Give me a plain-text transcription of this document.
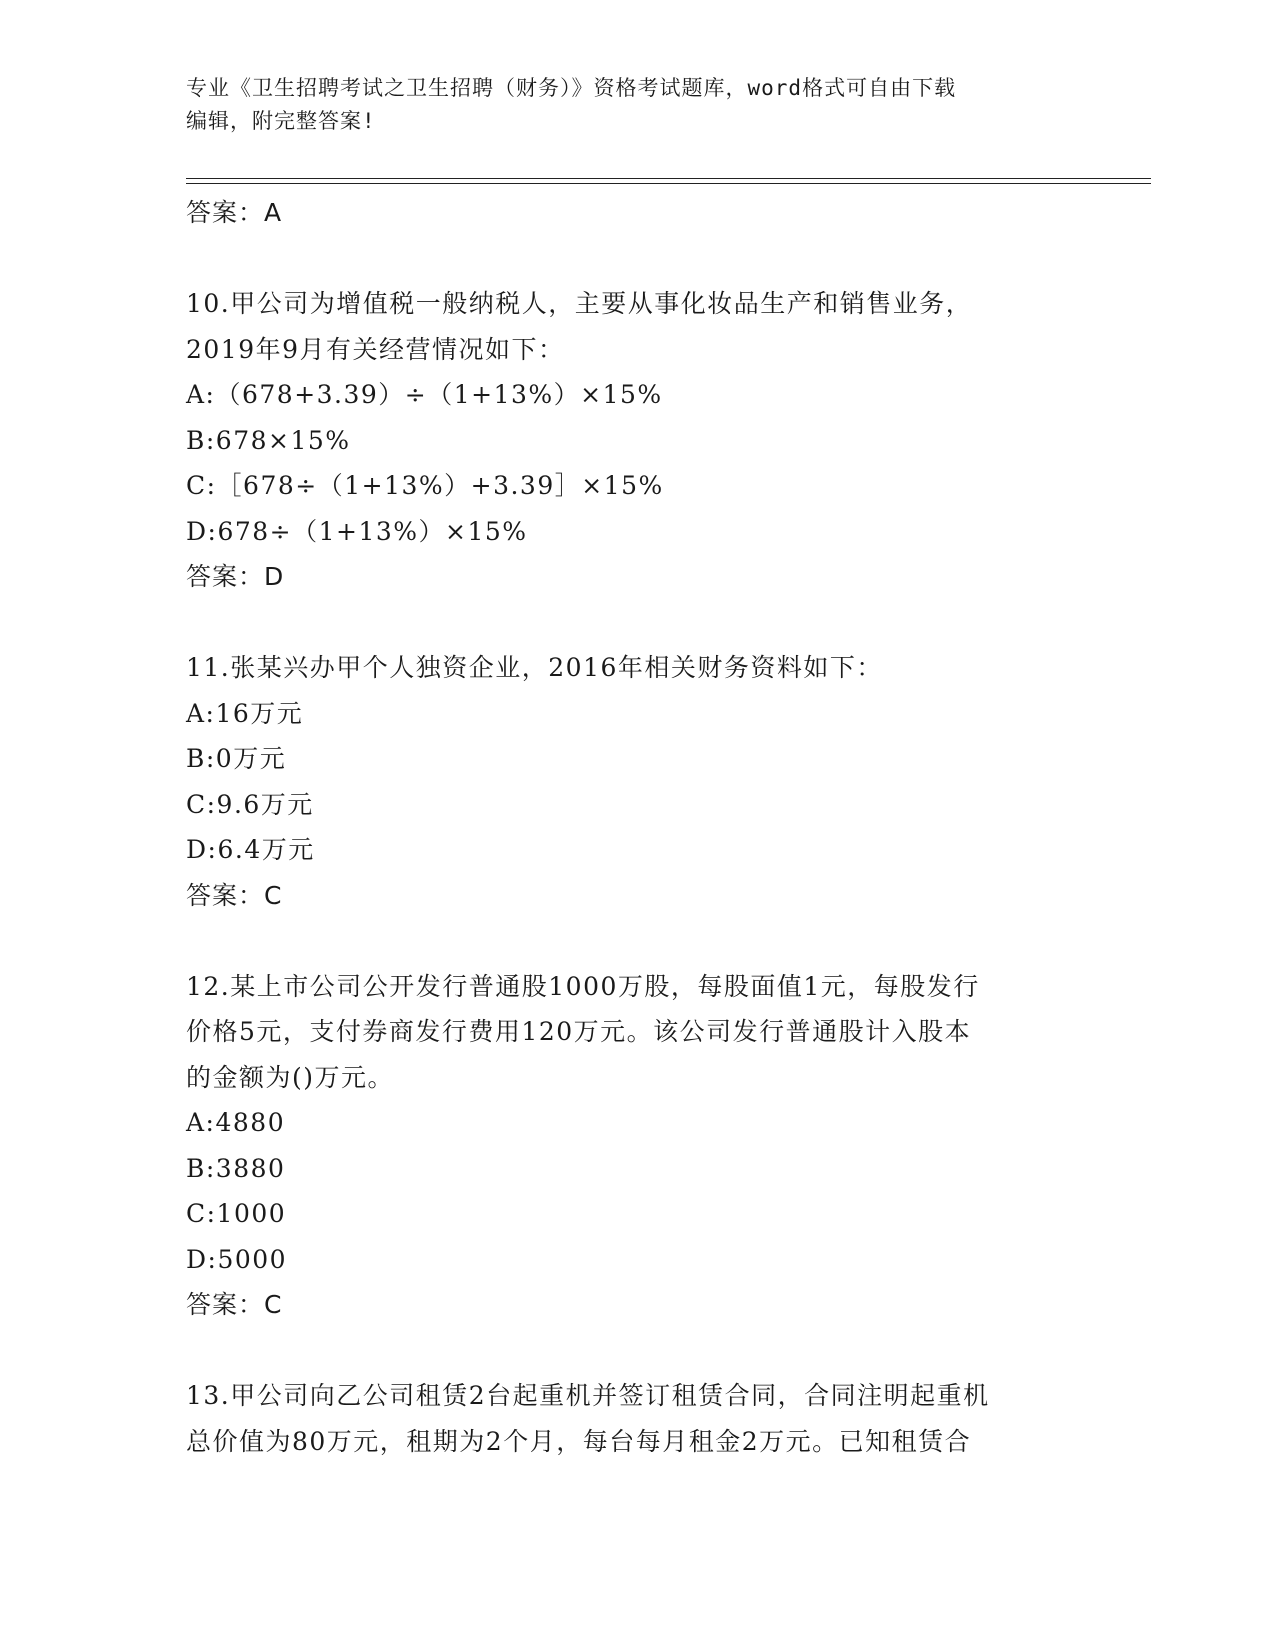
专业《卫生招聘考试之卫生招聘（财务）》资格考试题库，word格式可自由下载
编辑，附完整答案!
答案：A
10.甲公司为增值税一般纳税人，主要从事化妆品生产和销售业务，
2019年9月有关经营情况如下：
A:（678+3.39）÷（1+13%）×15%
B:678×15%
C:［678÷（1+13%）+3.39］×15%
D:678÷（1+13%）×15%
答案：D
11.张某兴办甲个人独资企业，2016年相关财务资料如下：
A:16万元
B:0万元
C:9.6万元
D:6.4万元
答案：C
12.某上市公司公开发行普通股1000万股，每股面值1元，每股发行
价格5元，支付券商发行费用120万元。该公司发行普通股计入股本
的金额为()万元。
A:4880
B:3880
C:1000
D:5000
答案：C
13.甲公司向乙公司租赁2台起重机并签订租赁合同，合同注明起重机
总价值为80万元，租期为2个月，每台每月租金2万元。已知租赁合
